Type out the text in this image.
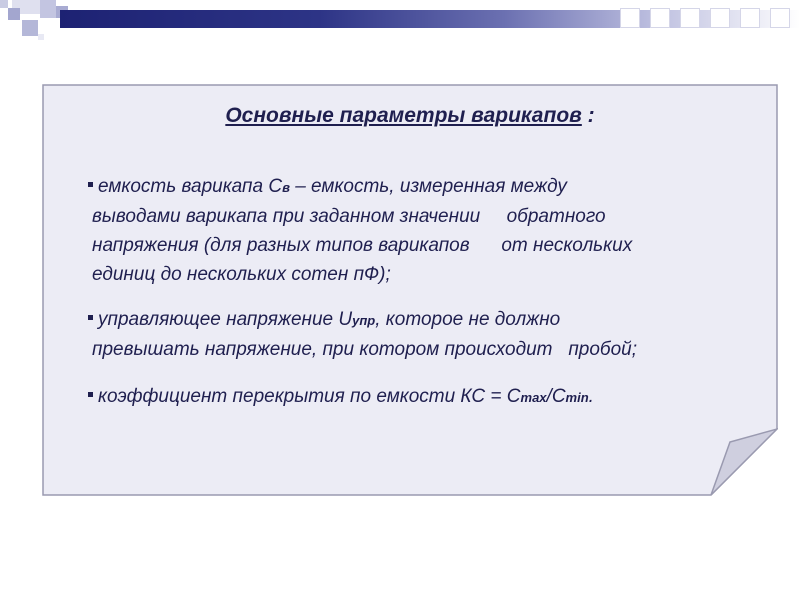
Основные параметры варикапов :
емкость варикапа Cв – емкость, измеренная между
выводами варикапа при заданном значении     обратного
напряжения (для разных типов варикапов      от нескольких
единиц до нескольких сотен пФ);
управляющее напряжение Uупр, которое не должно
превышать напряжение, при котором происходит   пробой;
коэффициент перекрытия по емкости КС = Сmax/Сmin.
